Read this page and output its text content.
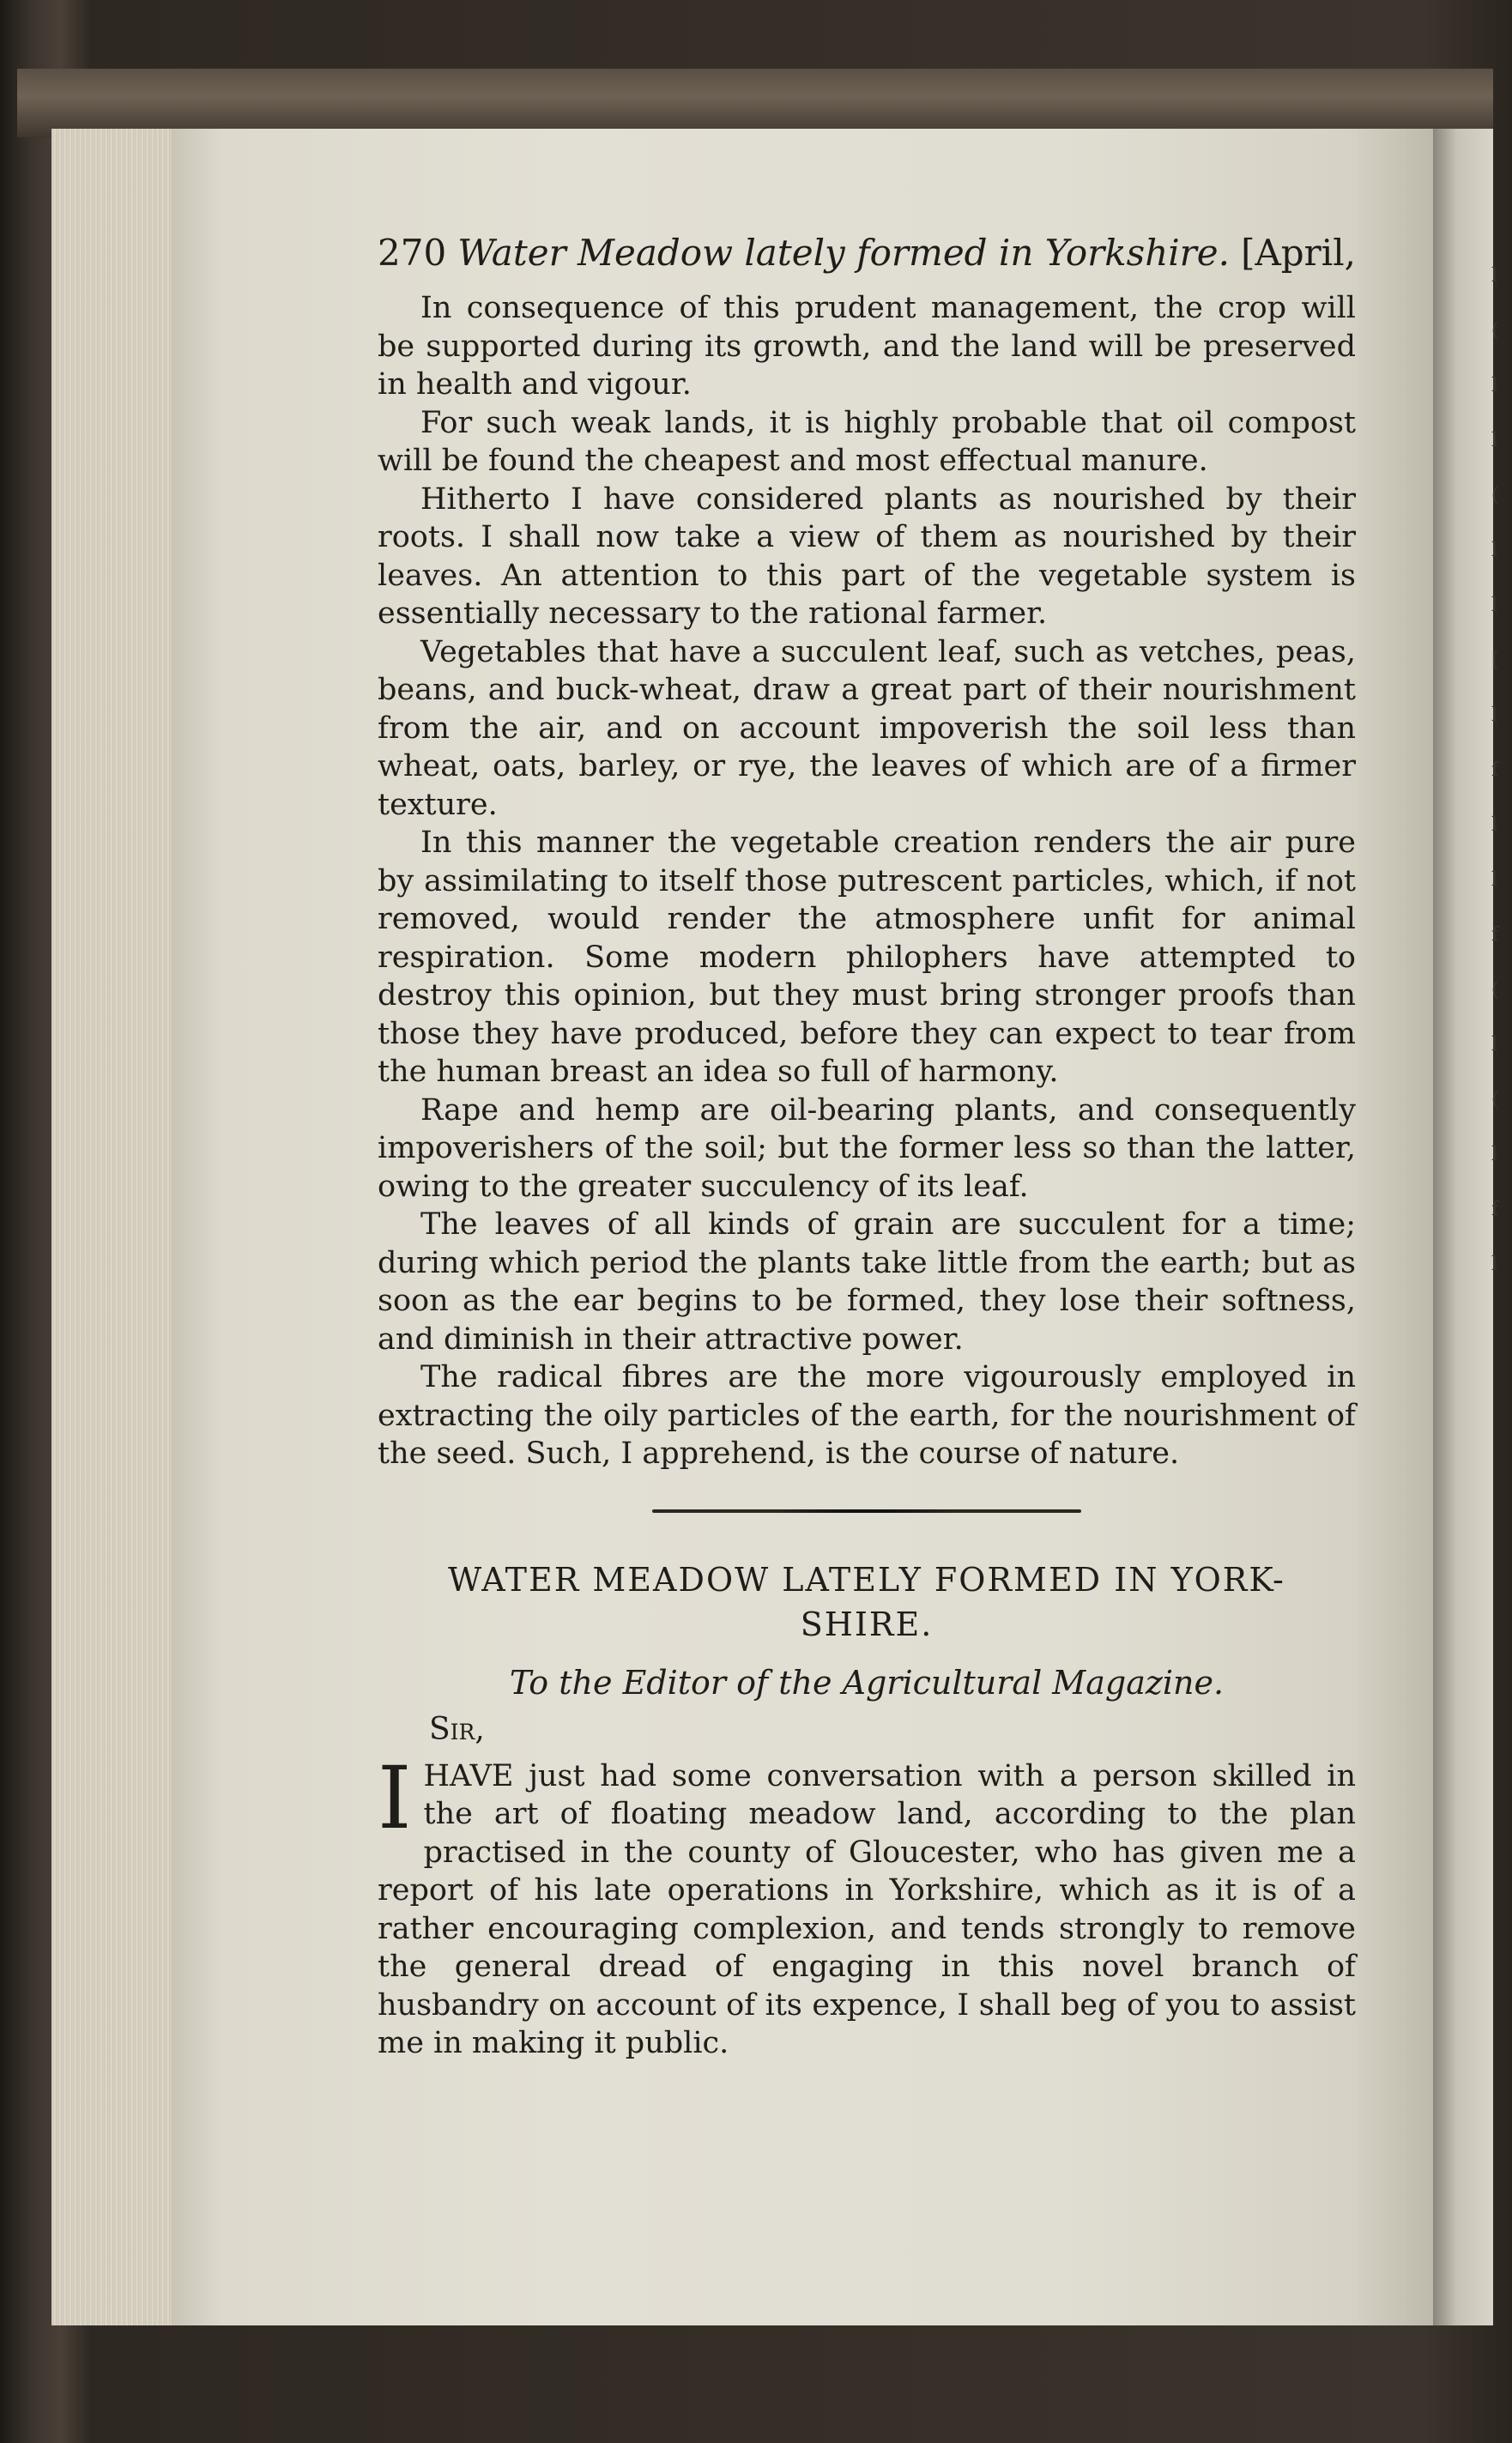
l ( l l ( l l [ l f l l f ( l ( l f l
270 Water Meadow lately formed in Yorkshire. [April,

In consequence of this prudent management, the crop will be supported during its growth, and the land will be preserved in health and vigour.

For such weak lands, it is highly probable that oil compost will be found the cheapest and most effectual manure.

Hitherto I have considered plants as nourished by their roots. I shall now take a view of them as nourished by their leaves. An attention to this part of the vegetable system is essentially necessary to the rational farmer.

Vegetables that have a succulent leaf, such as vetches, peas, beans, and buck-wheat, draw a great part of their nourishment from the air, and on account impoverish the soil less than wheat, oats, barley, or rye, the leaves of which are of a firmer texture.

In this manner the vegetable creation renders the air pure by assimilating to itself those putrescent particles, which, if not removed, would render the atmosphere unfit for animal respiration. Some modern philophers have attempted to destroy this opinion, but they must bring stronger proofs than those they have produced, before they can expect to tear from the human breast an idea so full of harmony.

Rape and hemp are oil-bearing plants, and consequently impoverishers of the soil; but the former less so than the latter, owing to the greater succulency of its leaf.

The leaves of all kinds of grain are succulent for a time; during which period the plants take little from the earth; but as soon as the ear begins to be formed, they lose their softness, and diminish in their attractive power.

The radical fibres are the more vigourously employed in extracting the oily particles of the earth, for the nourishment of the seed. Such, I apprehend, is the course of nature.

WATER MEADOW LATELY FORMED IN YORK-
SHIRE.

To the Editor of the Agricultural Magazine.

Sir,

IHAVE just had some conversation with a person skilled in the art of floating meadow land, according to the plan practised in the county of Gloucester, who has given me a report of his late operations in Yorkshire, which as it is of a rather encouraging complexion, and tends strongly to remove the general dread of engaging in this novel branch of husbandry on account of its expence, I shall beg of you to assist me in making it public.
